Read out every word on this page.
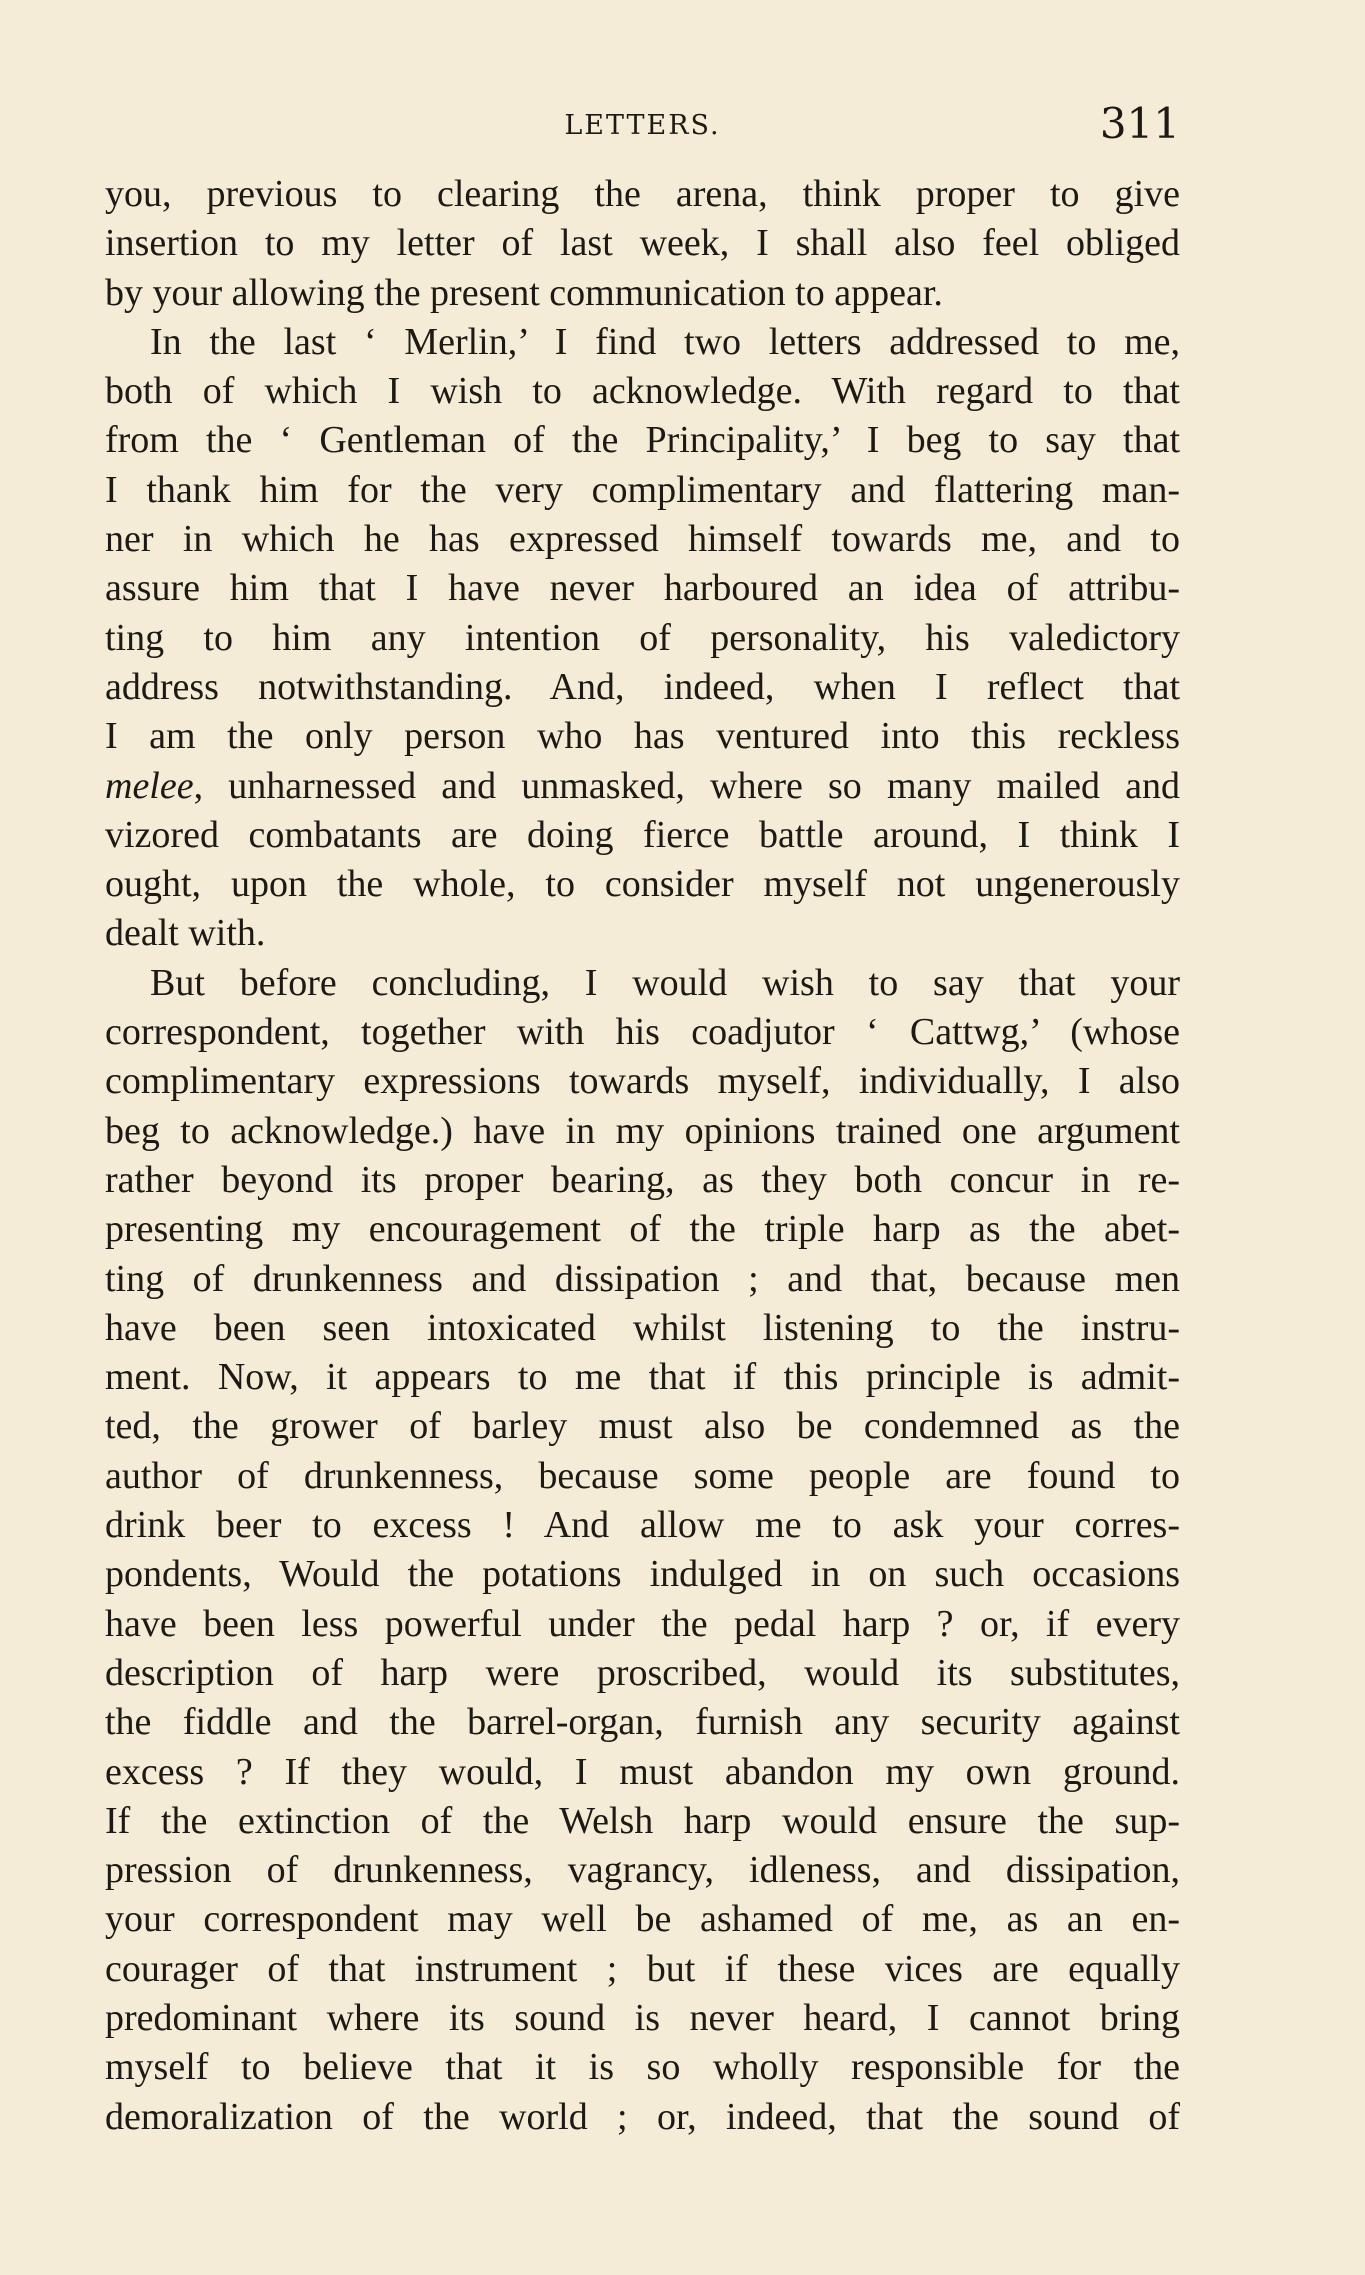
LETTERS.	311
you, previous to clearing the arena, think proper to give
insertion to my letter of last week, I shall also feel obliged
by your allowing the present communication to appear.
In the last ‘ Merlin,’ I find two letters addressed to me,
both of which I wish to acknowledge. With regard to that
from the ‘ Gentleman of the Principality,’ I beg to say that
I thank him for the very complimentary and flattering man-
ner in which he has expressed himself towards me, and to
assure him that I have never harboured an idea of attribu-
ting to him any intention of personality, his valedictory
address notwithstanding. And, indeed, when I reflect that
I am the only person who has ventured into this reckless
melee, unharnessed and unmasked, where so many mailed and
vizored combatants are doing fierce battle around, I think I
ought, upon the whole, to consider myself not ungenerously
dealt with.
But before concluding, I would wish to say that your
correspondent, together with his coadjutor ‘ Cattwg,’ (whose
complimentary expressions towards myself, individually, I also
beg to acknowledge.) have in my opinions trained one argument
rather beyond its proper bearing, as they both concur in re-
presenting my encouragement of the triple harp as the abet-
ting of drunkenness and dissipation ; and that, because men
have been seen intoxicated whilst listening to the instru-
ment. Now, it appears to me that if this principle is admit-
ted, the grower of barley must also be condemned as the
author of drunkenness, because some people are found to
drink beer to excess ! And allow me to ask your corres-
pondents, Would the potations indulged in on such occasions
have been less powerful under the pedal harp ? or, if every
description of harp were proscribed, would its substitutes,
the fiddle and the barrel-organ, furnish any security against
excess ? If they would, I must abandon my own ground.
If the extinction of the Welsh harp would ensure the sup-
pression of drunkenness, vagrancy, idleness, and dissipation,
your correspondent may well be ashamed of me, as an en-
courager of that instrument ; but if these vices are equally
predominant where its sound is never heard, I cannot bring
myself to believe that it is so wholly responsible for the
demoralization of the world ; or, indeed, that the sound of
